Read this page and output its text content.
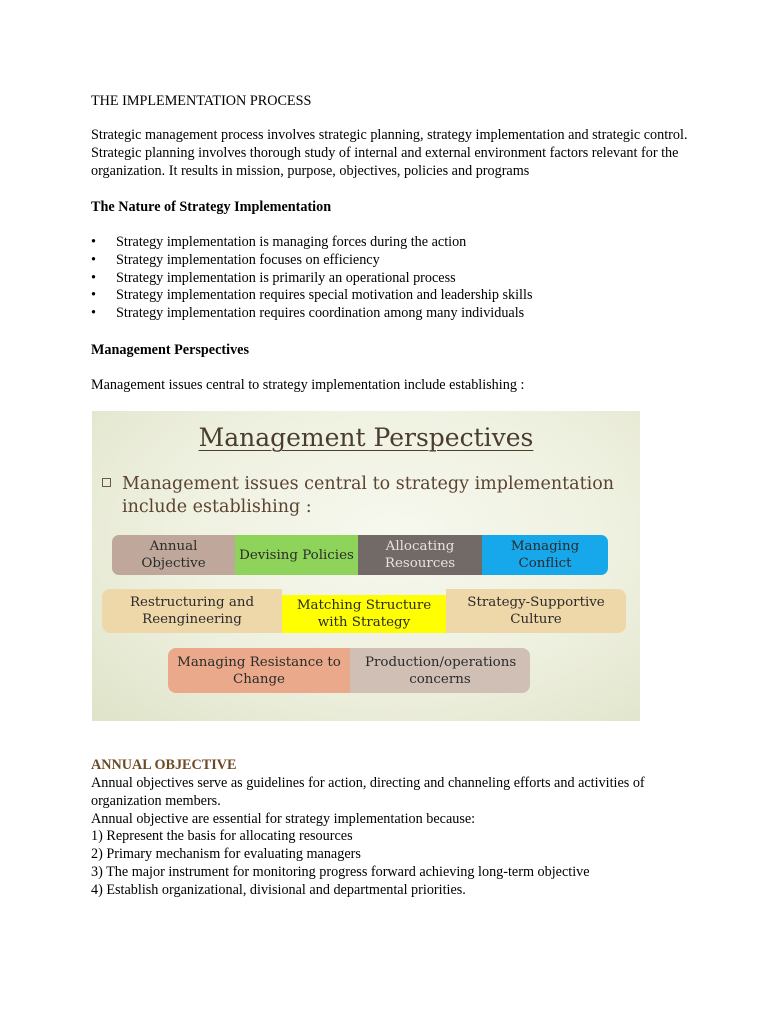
THE IMPLEMENTATION PROCESS

Strategic management process involves strategic planning, strategy implementation and strategic control. Strategic planning involves thorough study of internal and external environment factors relevant for the organization. It results in mission, purpose, objectives, policies and programs

The Nature of Strategy Implementation

• Strategy implementation is managing forces during the action
• Strategy implementation focuses on efficiency
• Strategy implementation is primarily an operational process
• Strategy implementation requires special motivation and leadership skills
• Strategy implementation requires coordination among many individuals

Management Perspectives

Management issues central to strategy implementation include establishing :

Management Perspectives
Management issues central to strategy implementation include establishing :
Annual Objective
Devising Policies
Allocating Resources
Managing Conflict
Restructuring and Reengineering
Matching Structure with Strategy
Strategy-Supportive Culture
Managing Resistance to Change
Production/operations concerns

ANNUAL OBJECTIVE

Annual objectives serve as guidelines for action, directing and channeling efforts and activities of organization members.
Annual objective are essential for strategy implementation because:
1) Represent the basis for allocating resources
2) Primary mechanism for evaluating managers
3) The major instrument for monitoring progress forward achieving long-term objective
4) Establish organizational, divisional and departmental priorities.
